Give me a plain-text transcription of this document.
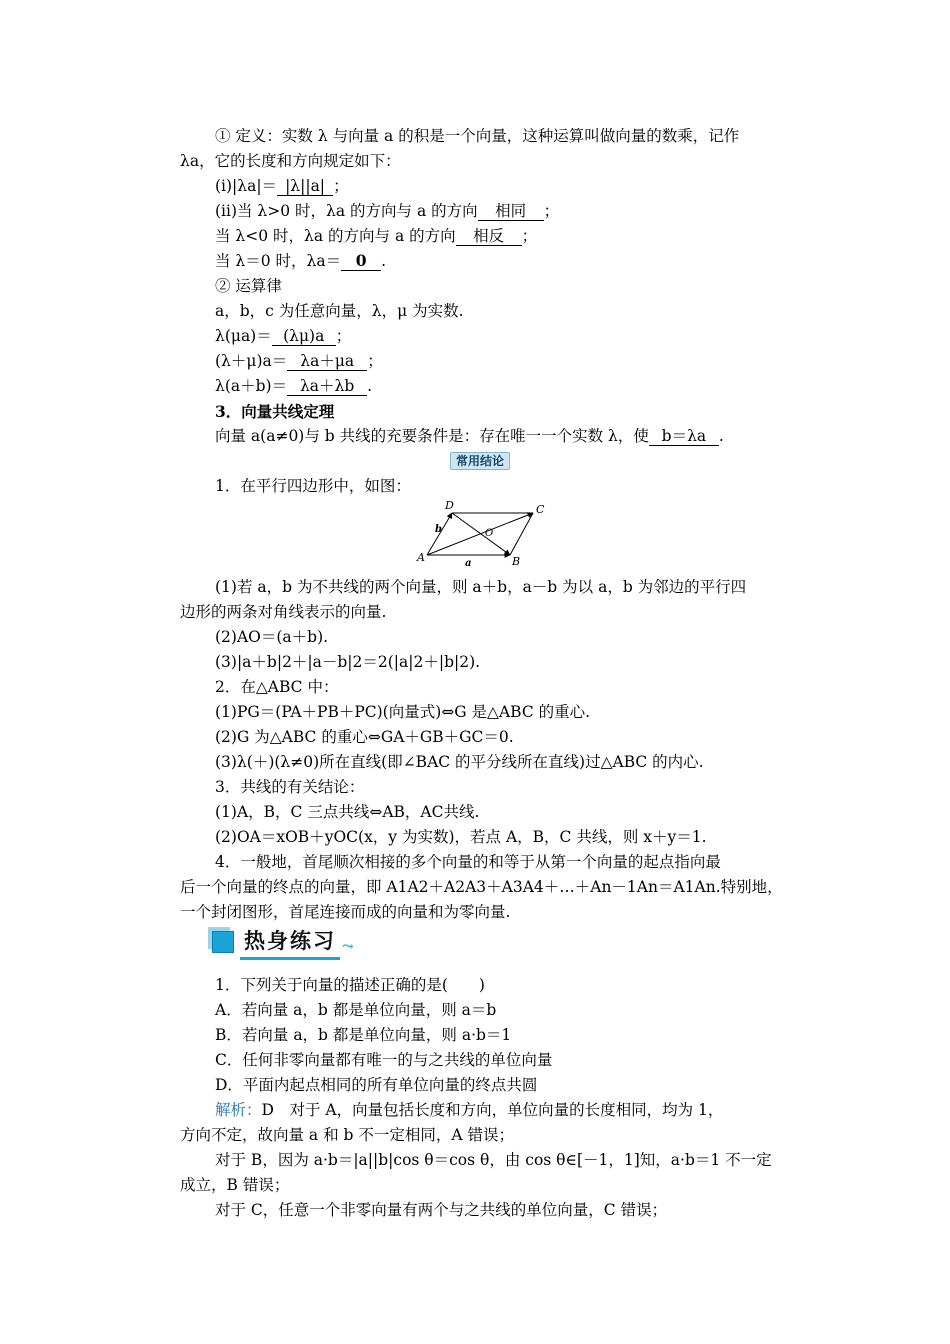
① 定义：实数 λ 与向量 a 的积是一个向量，这种运算叫做向量的数乘，记作
λa，它的长度和方向规定如下：
(ⅰ)|λa|＝ |λ||a| ；
(ⅱ)当 λ>0 时，λa 的方向与 a 的方向 相同 ；
当 λ<0 时，λa 的方向与 a 的方向 相反 ；
当 λ＝0 时，λa＝ 0 .
② 运算律
a，b，c 为任意向量，λ，μ 为实数.
λ(μa)＝ (λμ)a ；
(λ＋μ)a＝ λa＋μa ；
λ(a＋b)＝ λa＋λb .
3．向量共线定理
向量 a(a≠0)与 b 共线的充要条件是：存在唯一一个实数 λ，使 b＝λa .
常用结论
1．在平行四边形中，如图：
A	B
C
D
O
a
b
(1)若 a，b 为不共线的两个向量，则 a＋b，a－b 为以 a，b 为邻边的平行四
边形的两条对角线表示的向量.
(2)AO＝(a＋b).
(3)|a＋b|2＋|a－b|2＝2(|a|2＋|b|2).
2．在△ABC 中：
(1)PG＝(PA＋PB＋PC)(向量式)⇔G 是△ABC 的重心.
(2)G 为△ABC 的重心⇔GA＋GB＋GC＝0.
(3)λ(＋)(λ≠0)所在直线(即∠BAC 的平分线所在直线)过△ABC 的内心.
3．共线的有关结论：
(1)A，B，C 三点共线⇔AB，AC共线.
(2)OA＝xOB＋yOC(x，y 为实数)，若点 A，B，C 共线，则 x＋y＝1.
4．一般地，首尾顺次相接的多个向量的和等于从第一个向量的起点指向最
后一个向量的终点的向量，即 A1A2＋A2A3＋A3A4＋…＋An－1An＝A1An.特别地，
一个封闭图形，首尾连接而成的向量和为零向量.
热身练习 ⤳
1．下列关于向量的描述正确的是(　　)
A．若向量 a，b 都是单位向量，则 a＝b
B．若向量 a，b 都是单位向量，则 a·b＝1
C．任何非零向量都有唯一的与之共线的单位向量
D．平面内起点相同的所有单位向量的终点共圆
解析：D　对于 A，向量包括长度和方向，单位向量的长度相同，均为 1，
方向不定，故向量 a 和 b 不一定相同，A 错误；
对于 B，因为 a·b＝|a||b|cos θ＝cos θ，由 cos θ∈[－1，1]知，a·b＝1 不一定
成立，B 错误；
对于 C，任意一个非零向量有两个与之共线的单位向量，C 错误；
